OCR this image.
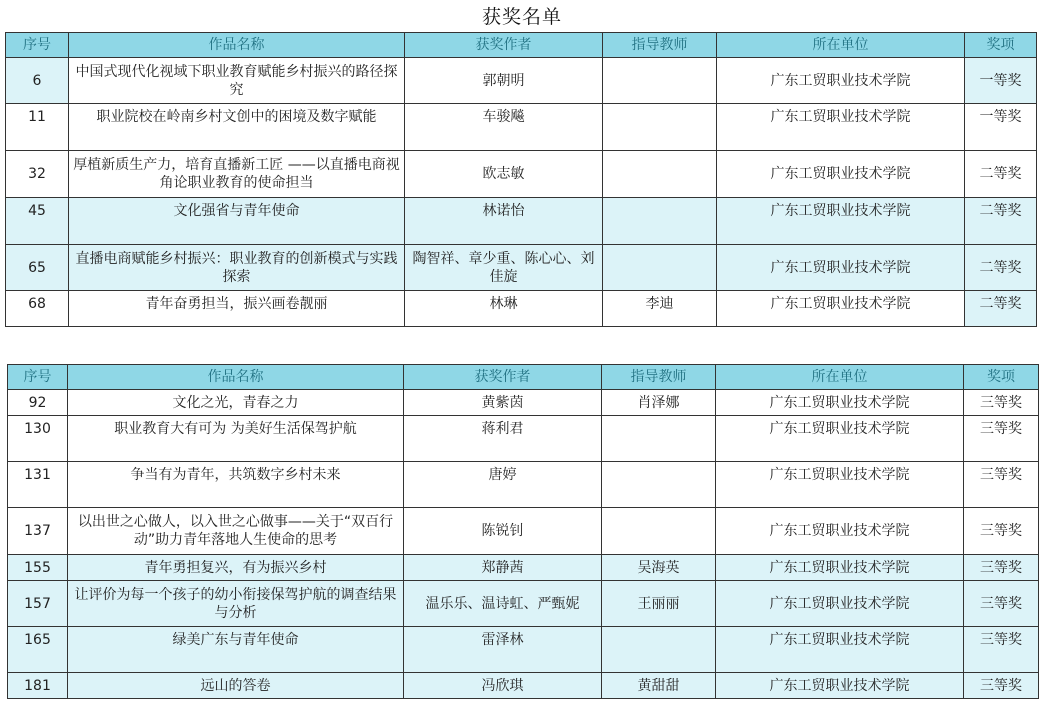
获奖名单
序号	作品名称	获奖作者	指导教师	所在单位	奖项
6	中国式现代化视域下职业教育赋能乡村振兴的路径探究	郭朝明		广东工贸职业技术学院	一等奖
11	职业院校在岭南乡村文创中的困境及数字赋能	车骏飚		广东工贸职业技术学院	一等奖
32	厚植新质生产力，培育直播新工匠 ——以直播电商视角论职业教育的使命担当	欧志敏		广东工贸职业技术学院	二等奖
45	文化强省与青年使命	林诺怡		广东工贸职业技术学院	二等奖
65	直播电商赋能乡村振兴：职业教育的创新模式与实践探索	陶智祥、章少重、陈心心、刘佳旋		广东工贸职业技术学院	二等奖
68	青年奋勇担当，振兴画卷靓丽	林琳	李迪	广东工贸职业技术学院	二等奖
序号	作品名称	获奖作者	指导教师	所在单位	奖项
92	文化之光，青春之力	黄紫茵	肖泽娜	广东工贸职业技术学院	三等奖
130	职业教育大有可为 为美好生活保驾护航	蒋利君		广东工贸职业技术学院	三等奖
131	争当有为青年，共筑数字乡村未来	唐婷		广东工贸职业技术学院	三等奖
137	以出世之心做人，以入世之心做事——关于“双百行动”助力青年落地人生使命的思考	陈锐钊		广东工贸职业技术学院	三等奖
155	青年勇担复兴，有为振兴乡村	郑静茜	吴海英	广东工贸职业技术学院	三等奖
157	让评价为每一个孩子的幼小衔接保驾护航的调查结果与分析	温乐乐、温诗虹、严甄妮	王丽丽	广东工贸职业技术学院	三等奖
165	绿美广东与青年使命	雷泽林		广东工贸职业技术学院	三等奖
181	远山的答卷	冯欣琪	黄甜甜	广东工贸职业技术学院	三等奖
